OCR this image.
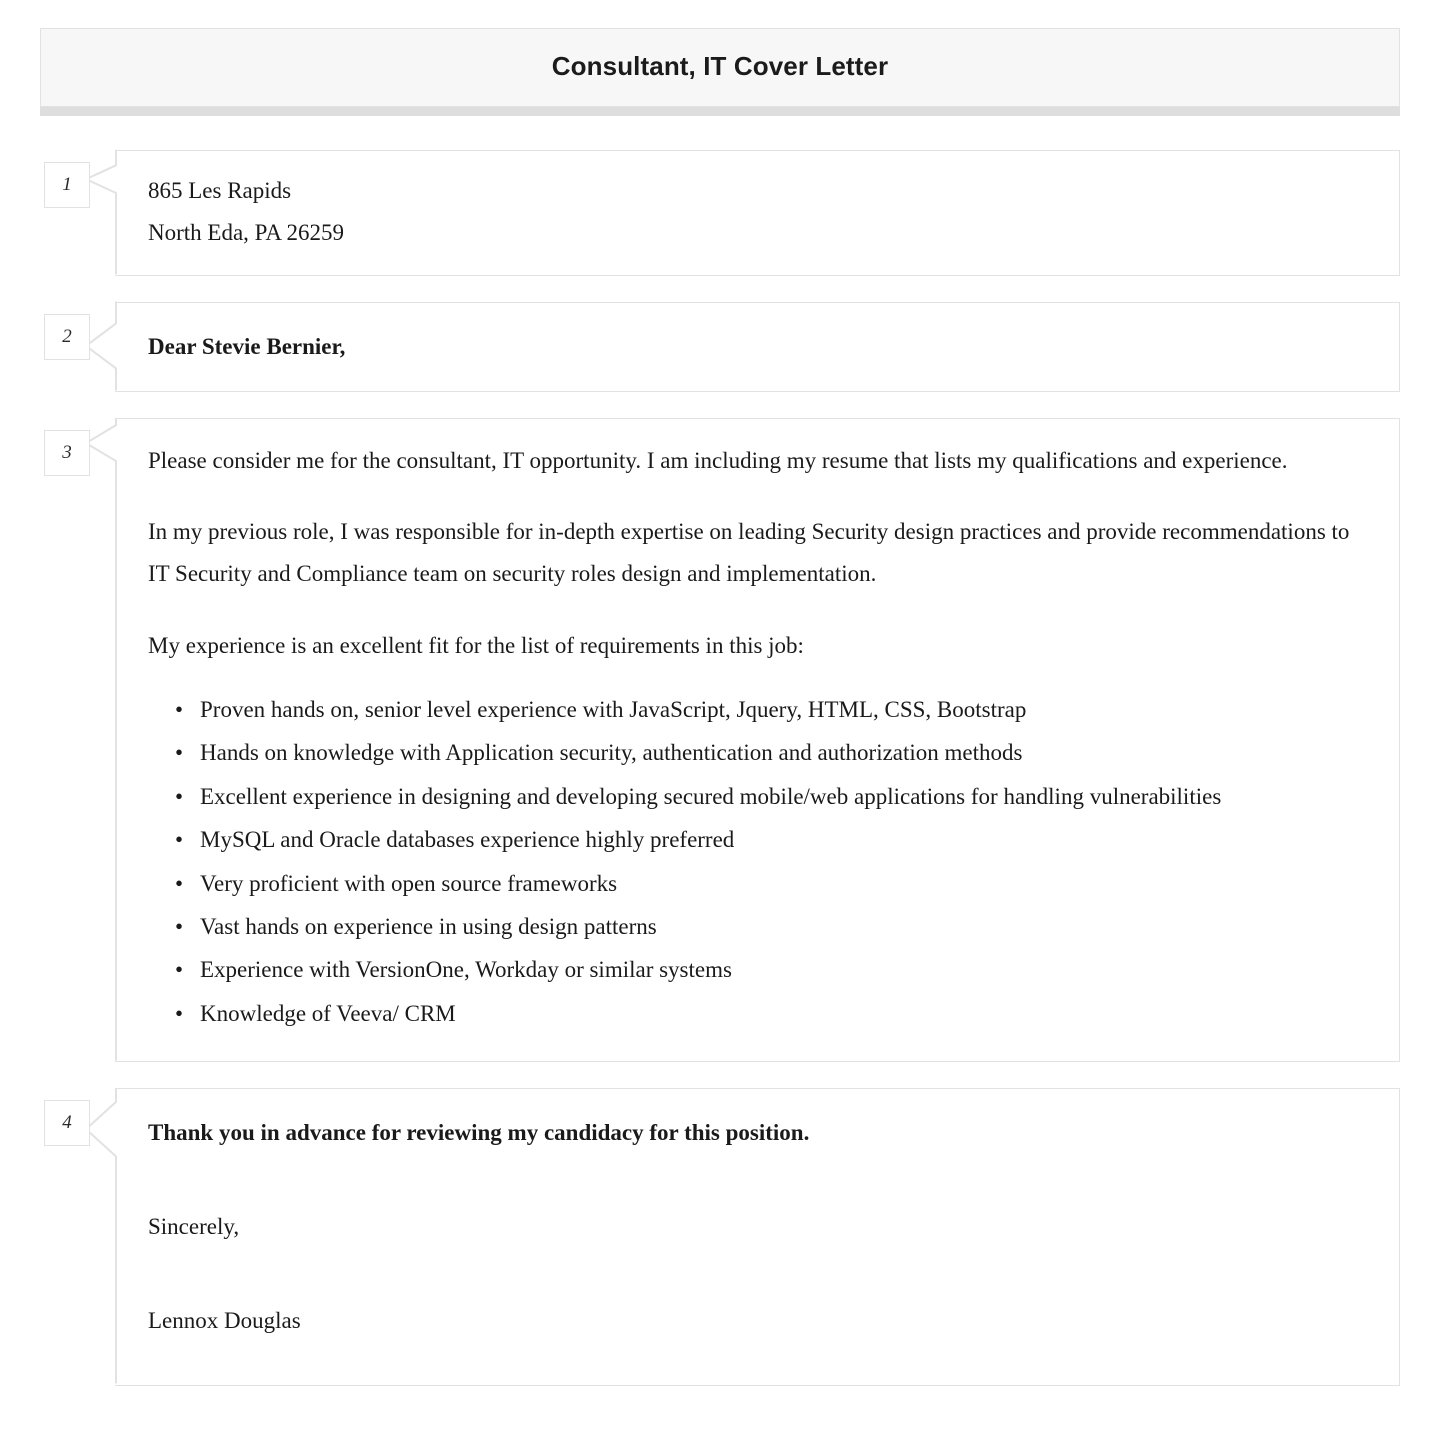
Consultant, IT Cover Letter
1	865 Les Rapids

North Eda, PA 26259

2	Dear Stevie Bernier,

3	Please consider me for the consultant, IT opportunity. I am including my resume that lists my qualifications and experience.

In my previous role, I was responsible for in-depth expertise on leading Security design practices and provide recommendations to IT Security and Compliance team on security roles design and implementation.

My experience is an excellent fit for the list of requirements in this job:

• Proven hands on, senior level experience with JavaScript, Jquery, HTML, CSS, Bootstrap
• Hands on knowledge with Application security, authentication and authorization methods
• Excellent experience in designing and developing secured mobile/web applications for handling vulnerabilities
• MySQL and Oracle databases experience highly preferred
• Very proficient with open source frameworks
• Vast hands on experience in using design patterns
• Experience with VersionOne, Workday or similar systems
• Knowledge of Veeva/ CRM
4	Thank you in advance for reviewing my candidacy for this position.

Sincerely,

Lennox Douglas
